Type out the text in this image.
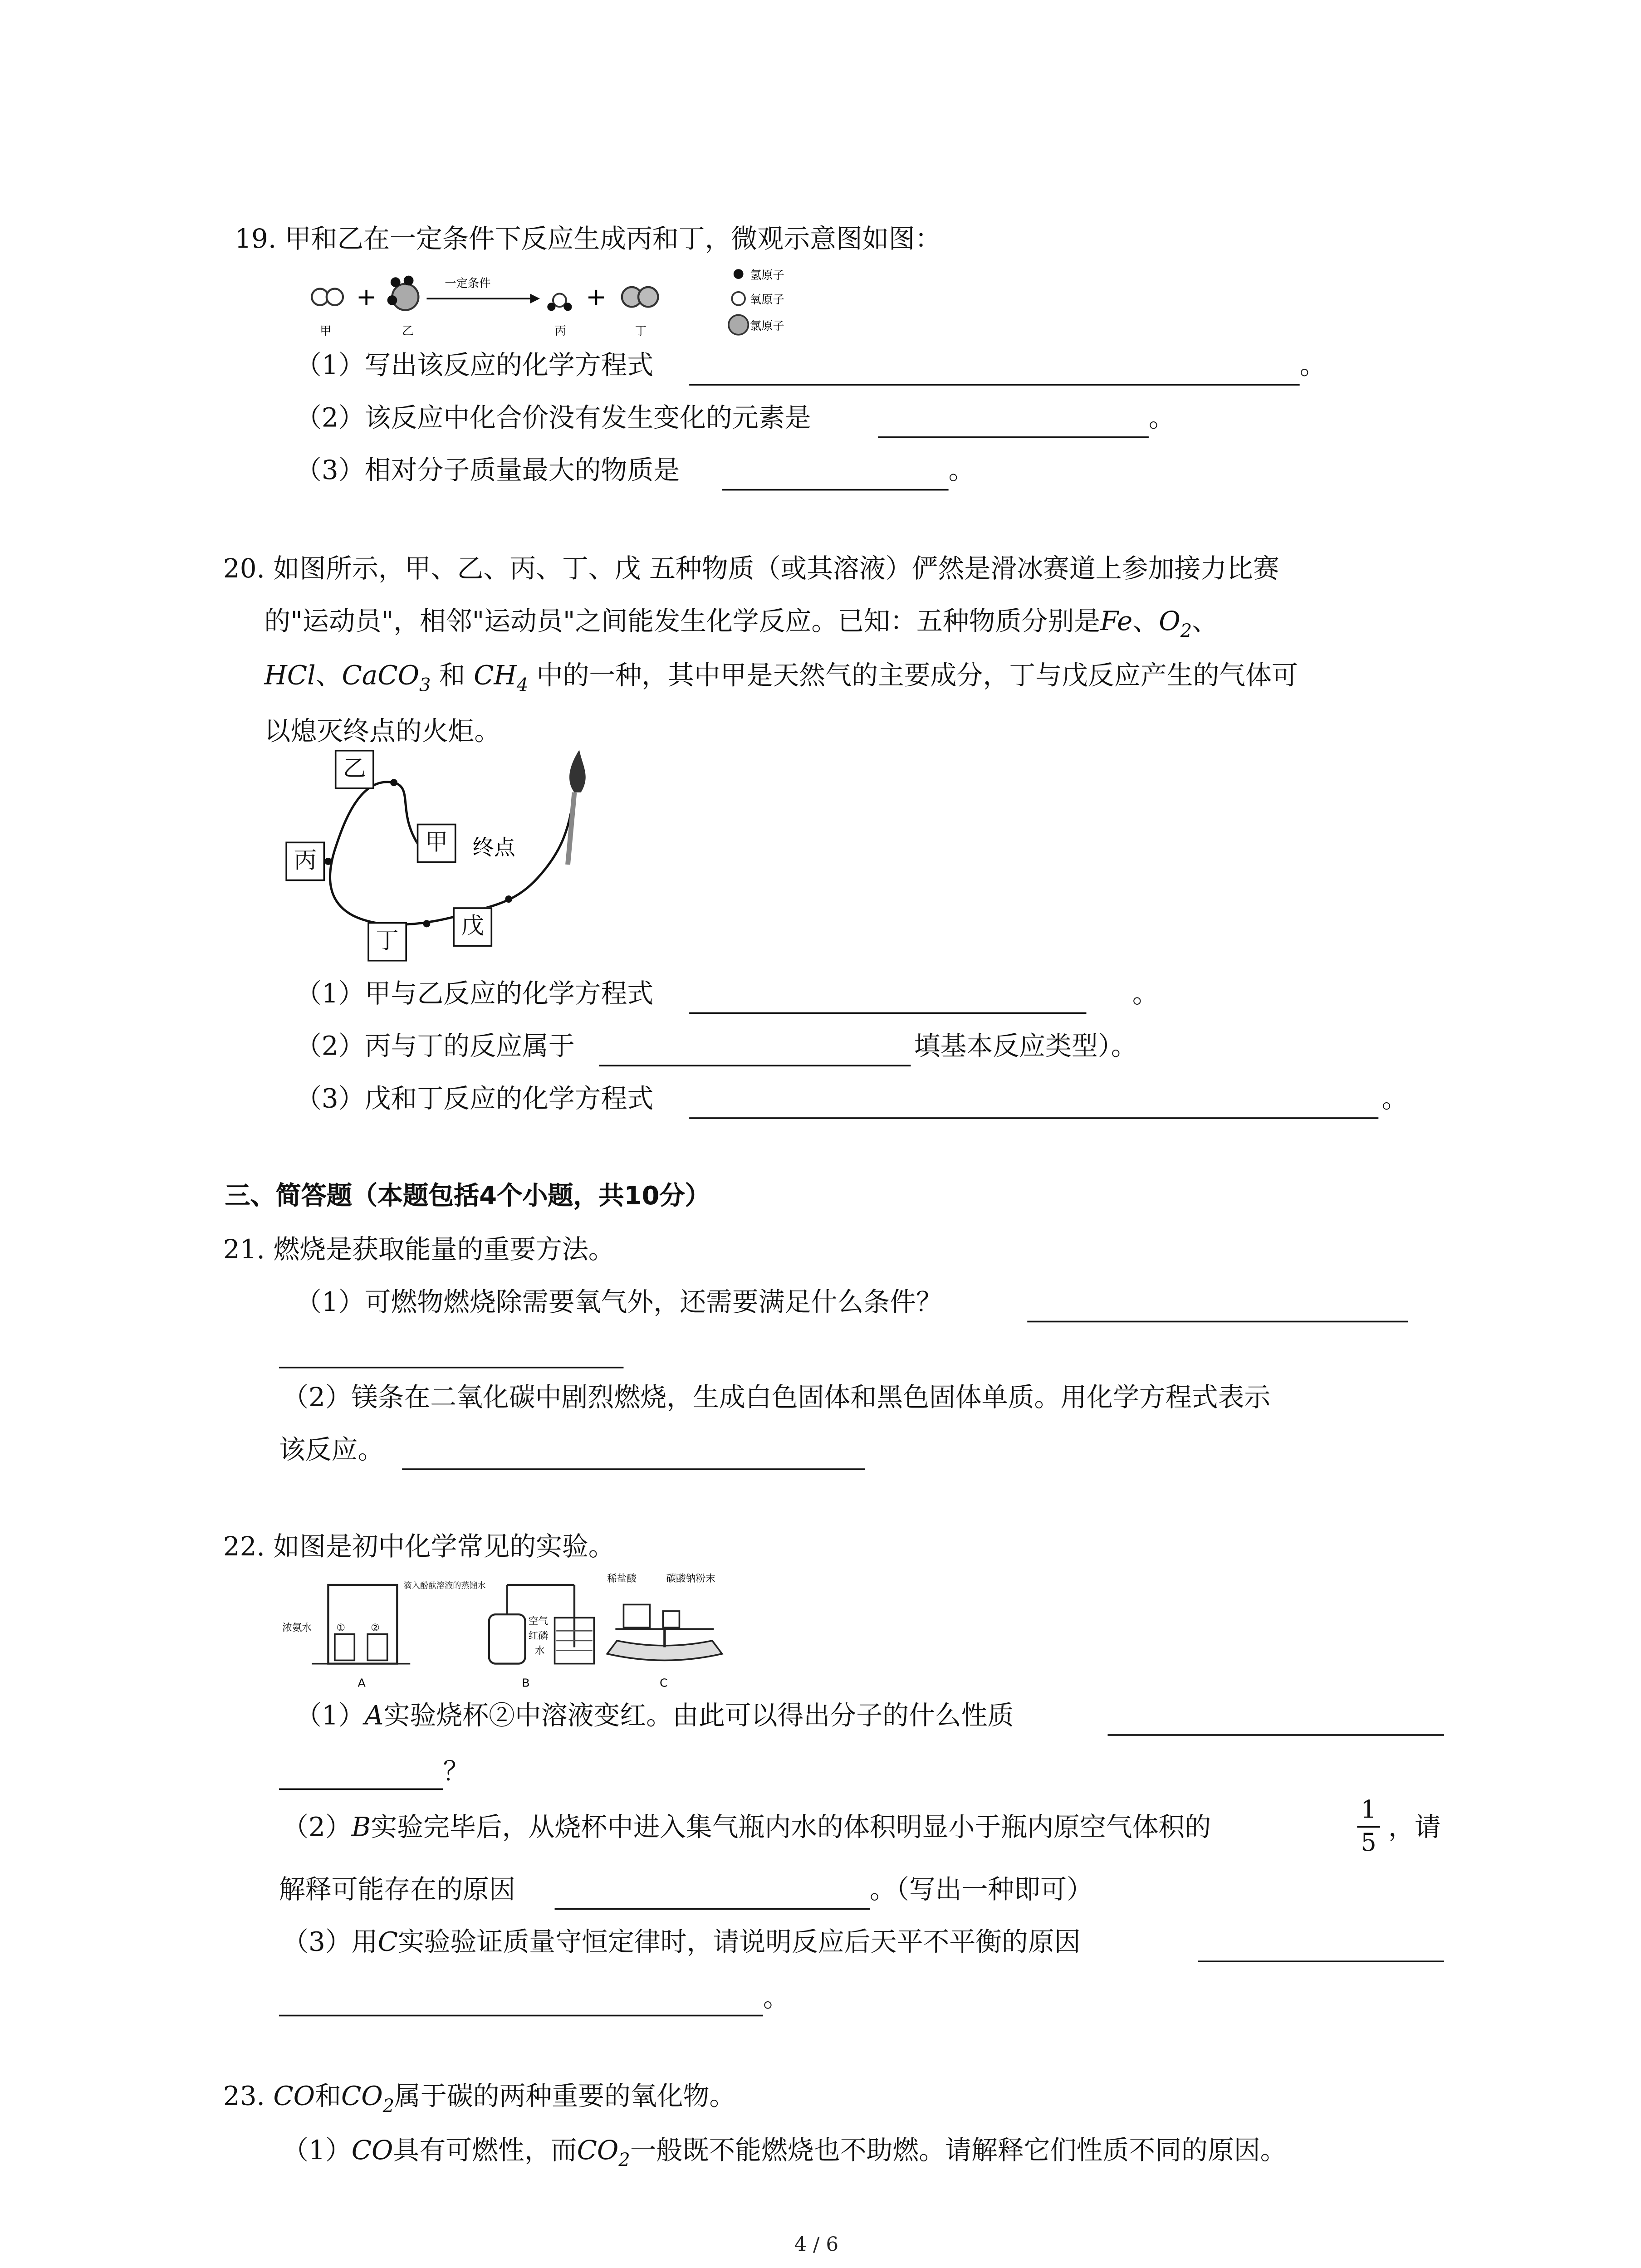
19. 甲和乙在一定条件下反应生成丙和丁，微观示意图如图：
+	一定条件	+
甲	乙	丙	丁
氢原子
氧原子
氯原子
（1）写出该反应的化学方程式	。
（2）该反应中化合价没有发生变化的元素是	。
（3）相对分子质量最大的物质是	。
20. 如图所示，甲、乙、丙、丁、戊 五种物质（或其溶液）俨然是滑冰赛道上参加接力比赛
的"运动员"，相邻"运动员"之间能发生化学反应。已知：五种物质分别是Fe、$O_2$、
HCl、CaCO$_3$ 和 $CH_4$ 中的一种，其中甲是天然气的主要成分，丁与戊反应产生的气体可
以熄灭终点的火炬。
终点
乙
甲
丙
丁
戊
（1）甲与乙反应的化学方程式	。
（2）丙与丁的反应属于	填基本反应类型）。
（3）戊和丁反应的化学方程式	。
三、简答题（本题包括4个小题，共10分）
21. 燃烧是获取能量的重要方法。
（1）可燃物燃烧除需要氧气外，还需要满足什么条件？
（2）镁条在二氧化碳中剧烈燃烧，生成白色固体和黑色固体单质。用化学方程式表示
该反应。
22. 如图是初中化学常见的实验。
浓氨水	①	②
滴入酚酞溶液的蒸馏水
A
空气
红磷
水
B
稀盐酸	碳酸钠粉末
C
（1）A实验烧杯②中溶液变红。由此可以得出分子的什么性质
？
（2）B实验完毕后，从烧杯中进入集气瓶内水的体积明显小于瓶内原空气体积的
1
5	，请
解释可能存在的原因	。（写出一种即可）
（3）用C实验验证质量守恒定律时，请说明反应后天平不平衡的原因
。
23. CO和$CO_2$属于碳的两种重要的氧化物。
（1）CO具有可燃性，而$CO_2$一般既不能燃烧也不助燃。请解释它们性质不同的原因。
4 / 6
